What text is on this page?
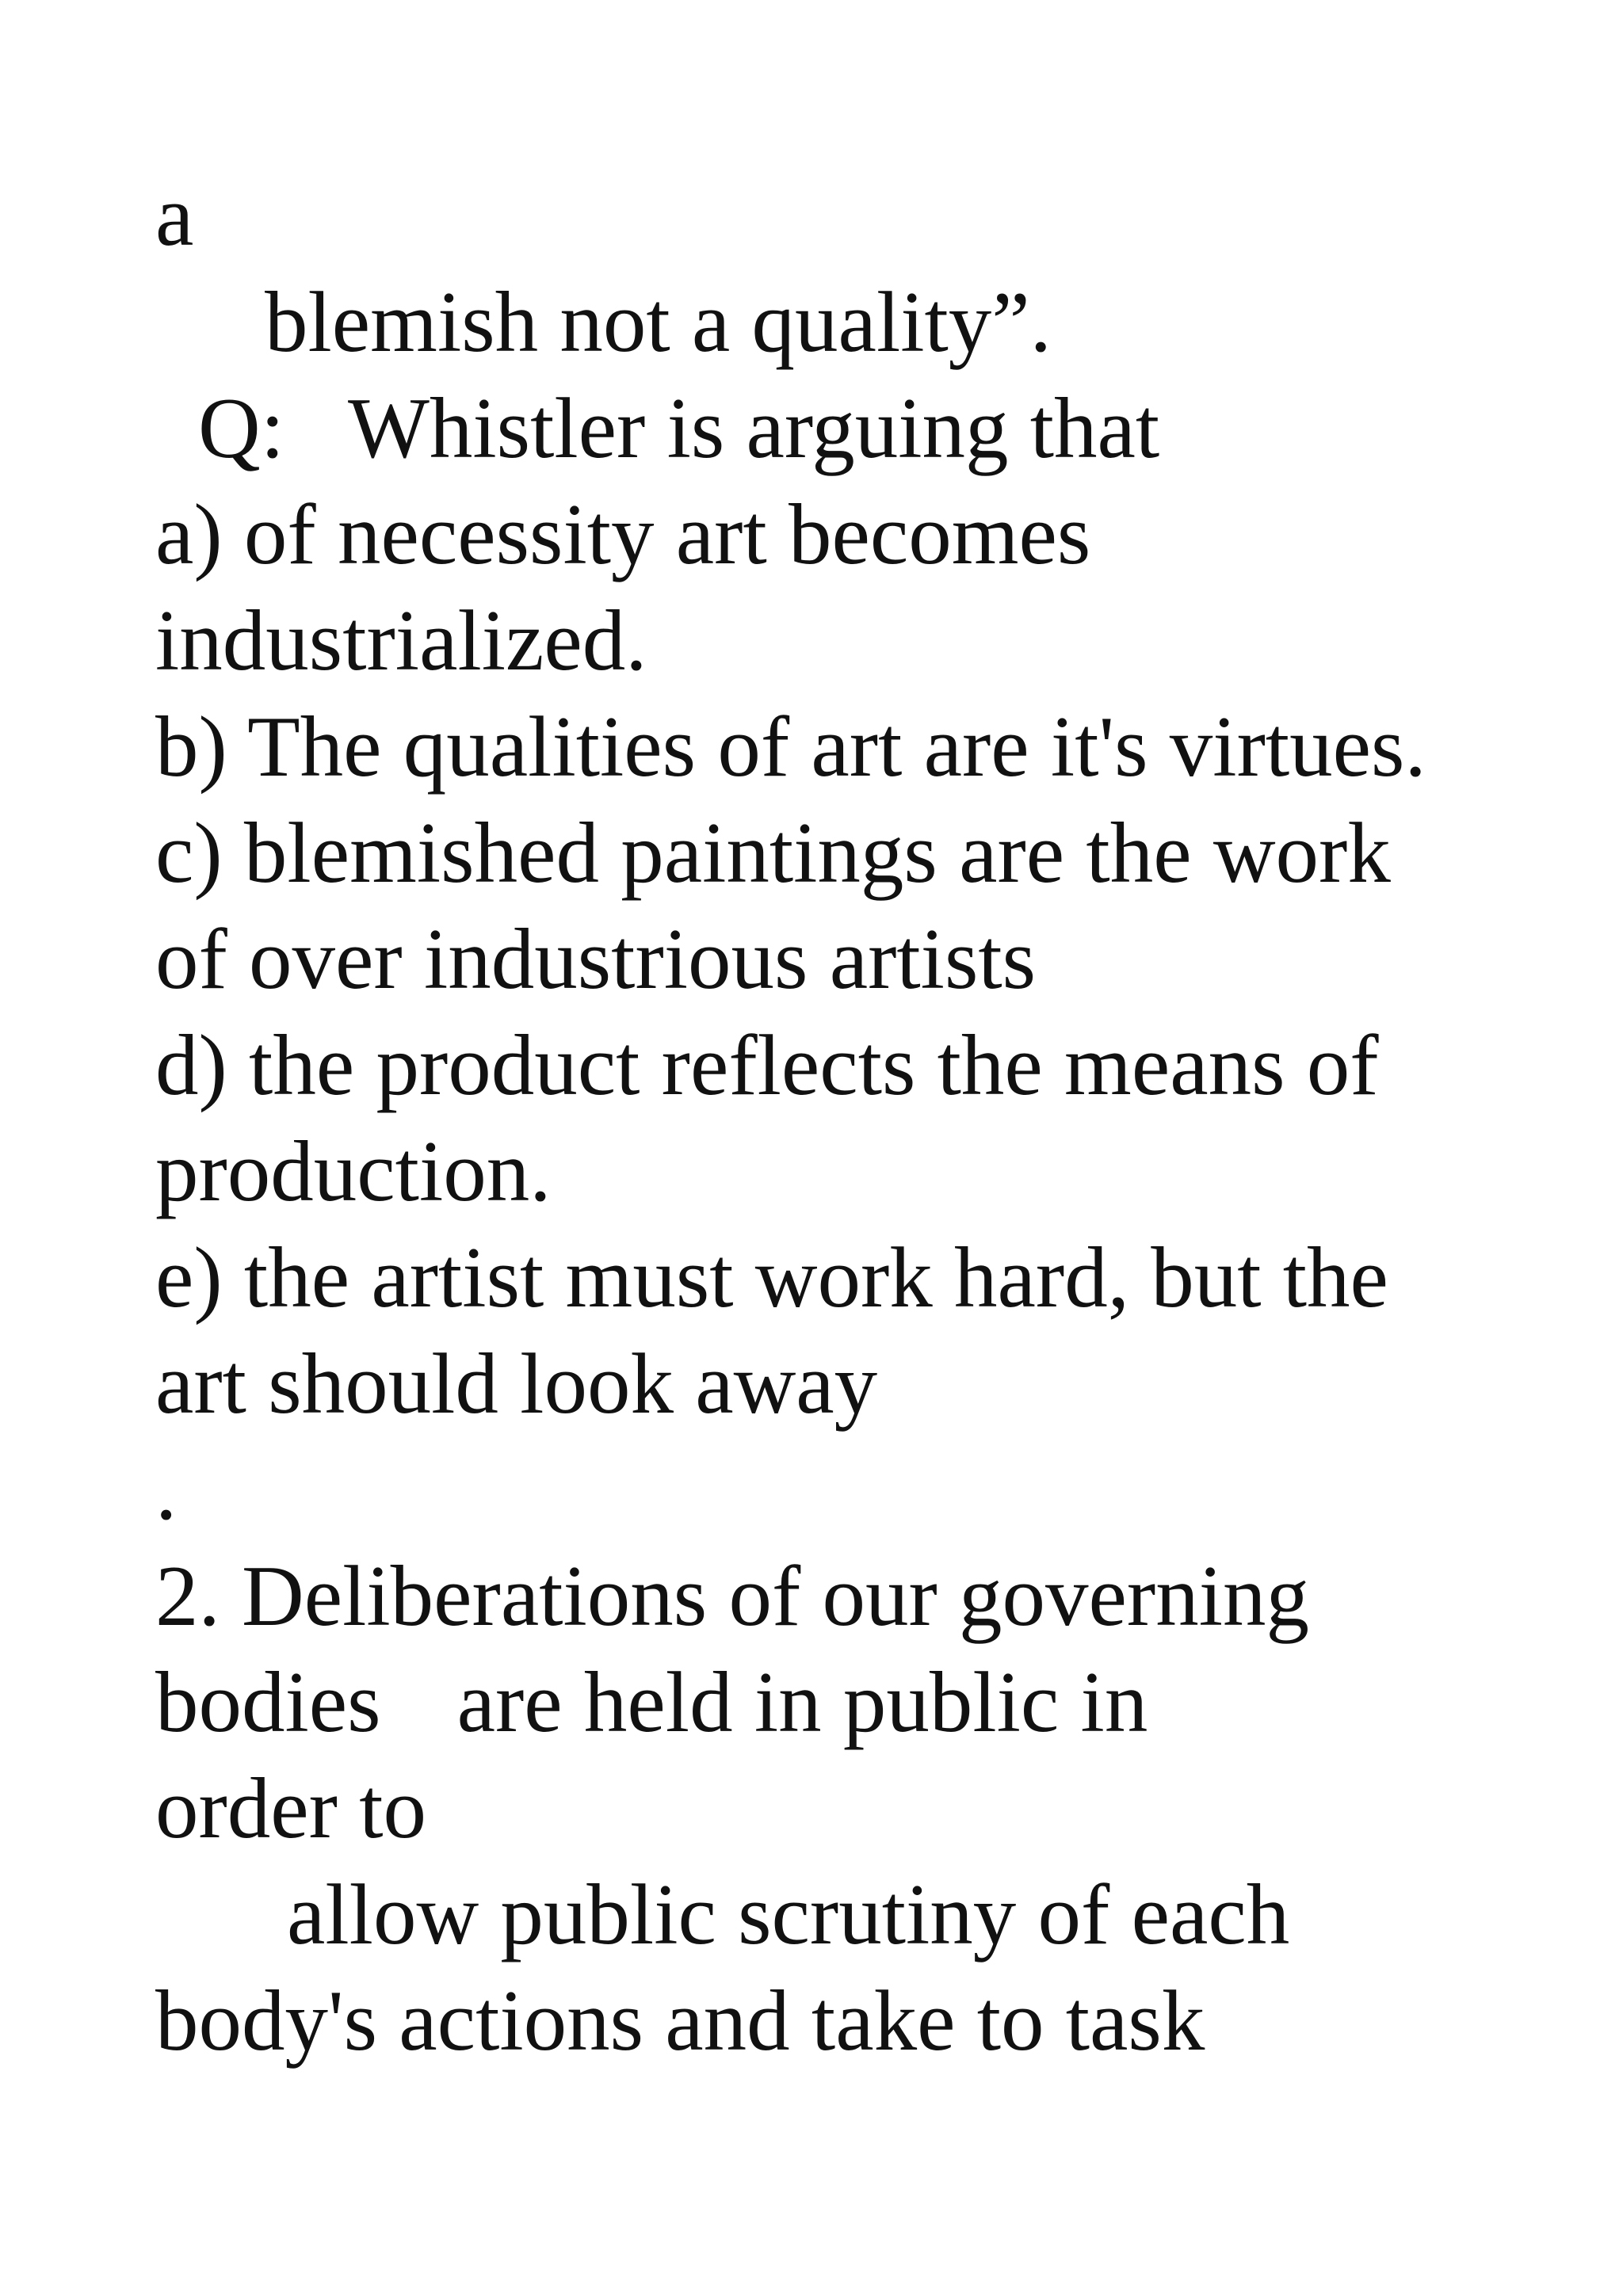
a
blemish not a quality”.
Q: Whistler is arguing that
a) of necessity art becomes
industrialized.
b) The qualities of art are it's virtues.
c) blemished paintings are the work
of over industrious artists
d) the product reflects the means of
production.
e) the artist must work hard, but the
art should look away
.
2. Deliberations of our governing
bodies are held in public in
order to
allow public scrutiny of each
body's actions and take to task
